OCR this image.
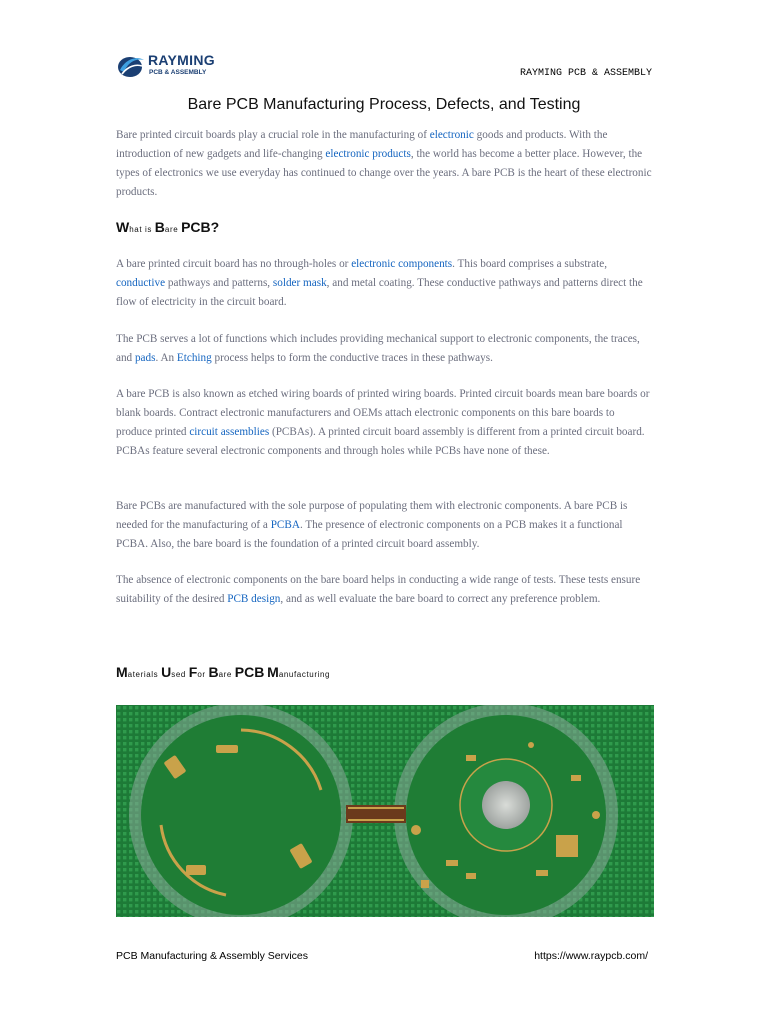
RAYMING
PCB & ASSEMBLY	RAYMING PCB & ASSEMBLY
Bare PCB Manufacturing Process, Defects, and Testing

Bare printed circuit boards play a crucial role in the manufacturing of electronic goods and products. With the introduction of new gadgets and life-changing electronic products, the world has become a better place. However, the types of electronics we use everyday has continued to change over the years. A bare PCB is the heart of these electronic products.

What is Bare PCB?

A bare printed circuit board has no through-holes or electronic components. This board comprises a substrate, conductive pathways and patterns, solder mask, and metal coating. These conductive pathways and patterns direct the flow of electricity in the circuit board.

The PCB serves a lot of functions which includes providing mechanical support to electronic components, the traces, and pads. An Etching process helps to form the conductive traces in these pathways.

A bare PCB is also known as etched wiring boards of printed wiring boards. Printed circuit boards mean bare boards or blank boards. Contract electronic manufacturers and OEMs attach electronic components on this bare boards to produce printed circuit assemblies (PCBAs). A printed circuit board assembly is different from a printed circuit board. PCBAs feature several electronic components and through holes while PCBs have none of these.

Bare PCBs are manufactured with the sole purpose of populating them with electronic components. A bare PCB is needed for the manufacturing of a PCBA. The presence of electronic components on a PCB makes it a functional PCBA. Also, the bare board is the foundation of a printed circuit board assembly.

The absence of electronic components on the bare board helps in conducting a wide range of tests. These tests ensure suitability of the desired PCB design, and as well evaluate the bare board to correct any preference problem.

Materials Used For Bare PCB Manufacturing
PCB Manufacturing & Assembly Services	https://www.raypcb.com/
